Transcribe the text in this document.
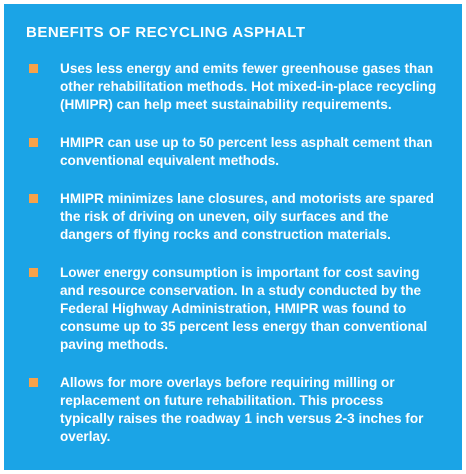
BENEFITS OF RECYCLING ASPHALT
Uses less energy and emits fewer greenhouse gases than other rehabilitation methods. Hot mixed-in-place recycling (HMIPR) can help meet sustainability requirements.
HMIPR can use up to 50 percent less asphalt cement than conventional equivalent methods.
HMIPR minimizes lane closures, and motorists are spared the risk of driving on uneven, oily surfaces and the dangers of flying rocks and construction materials.
Lower energy consumption is important for cost saving and resource conservation. In a study conducted by the Federal Highway Administration, HMIPR was found to consume up to 35 percent less energy than conventional paving methods.
Allows for more overlays before requiring milling or replacement on future rehabilitation. This process typically raises the roadway 1 inch versus 2-3 inches for overlay.
